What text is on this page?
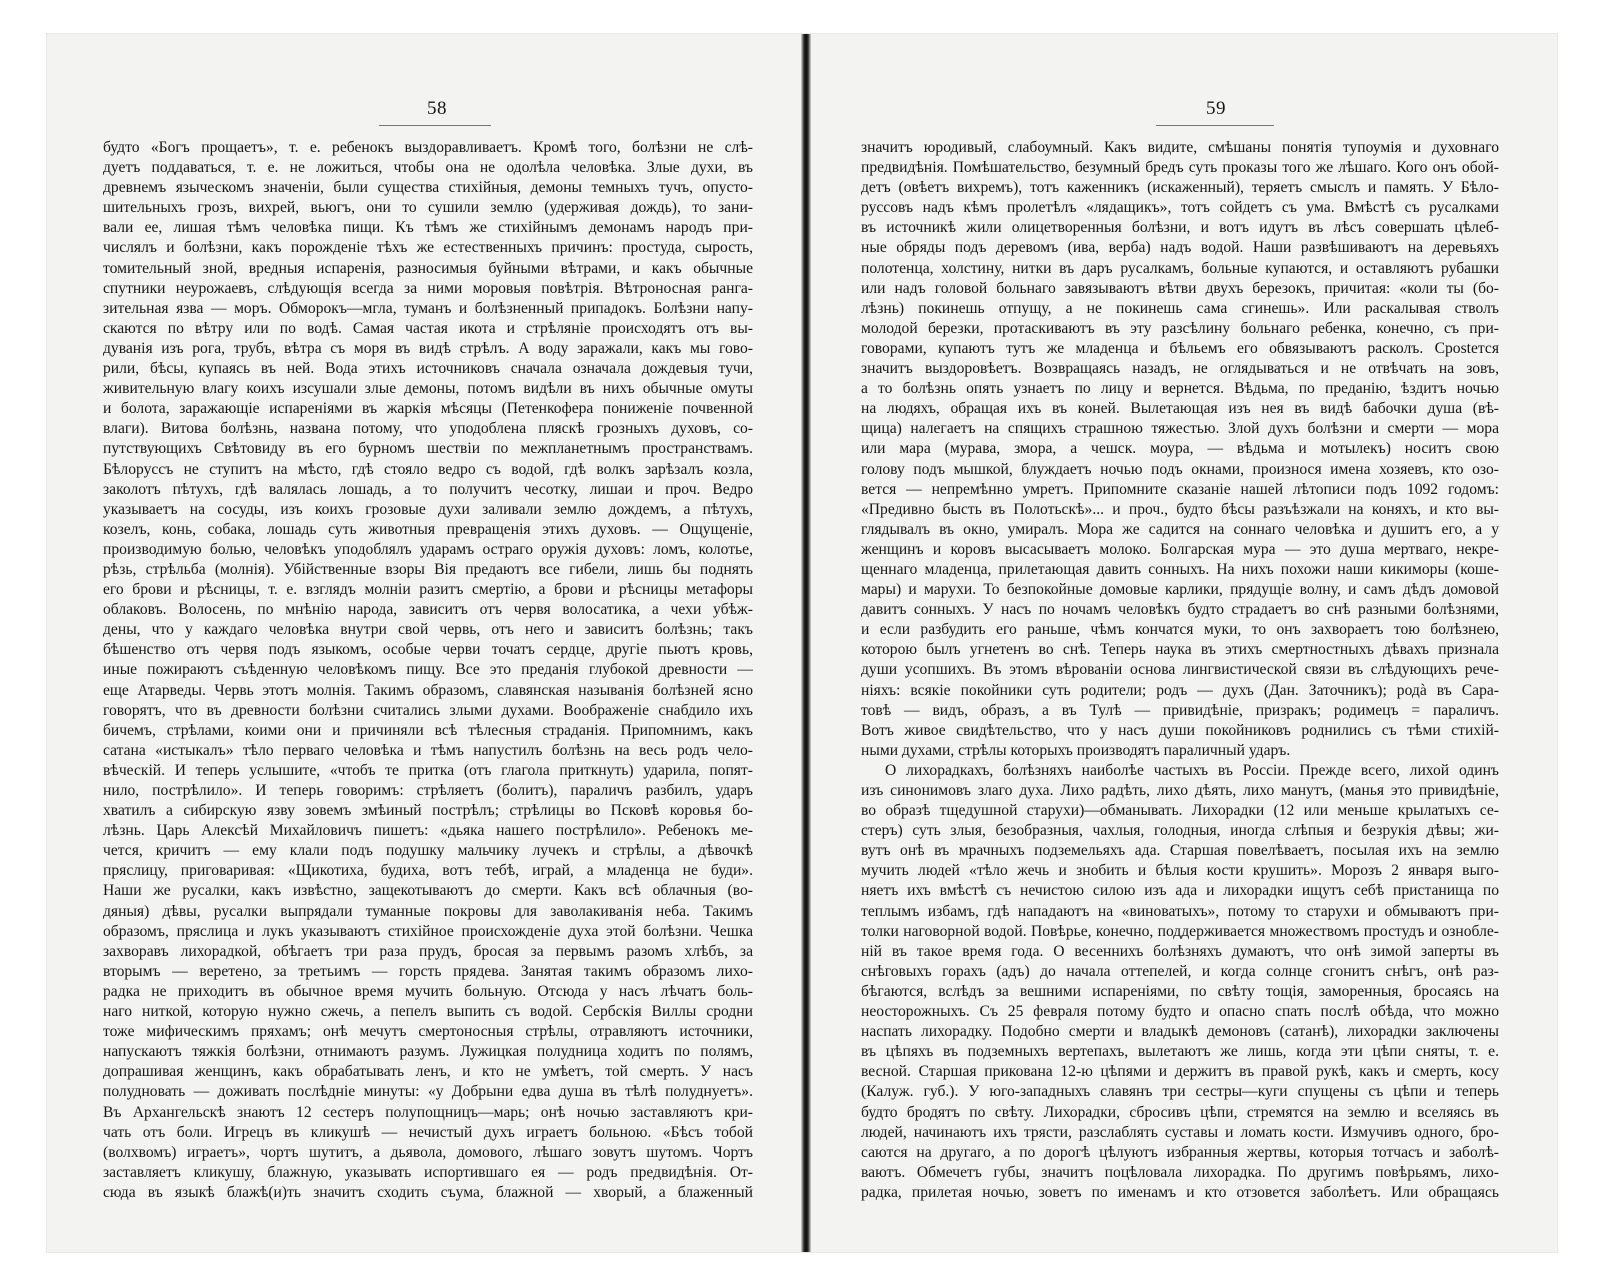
58
будто «Богъ прощаетъ», т. е. ребенокъ выздоравливаетъ. Кромѣ того, болѣзни не слѣ-
дуетъ поддаваться, т. е. не ложиться, чтобы она не одолѣла человѣка. Злые духи, въ
древнемъ языческомъ значеніи, были существа стихійныя, демоны темныхъ тучъ, опусто-
шительныхъ грозъ, вихрей, вьюгъ, они то сушили землю (удерживая дождь), то зани-
вали ее, лишая тѣмъ человѣка пищи. Къ тѣмъ же стихійнымъ демонамъ народъ при-
числялъ и болѣзни, какъ порожденіе тѣхъ же естественныхъ причинъ: простуда, сырость,
томительный зной, вредныя испаренія, разносимыя буйными вѣтрами, и какъ обычные
спутники неурожаевъ, слѣдующія всегда за ними моровыя повѣтрія. Вѣтроносная ранга-
зительная язва — моръ. Обморокъ—мгла, туманъ и болѣзненный припадокъ. Болѣзни напу-
скаются по вѣтру или по водѣ. Самая частая икота и стрѣляніе происходятъ отъ вы-
дуванія изъ рога, трубъ, вѣтра съ моря въ видѣ стрѣлъ. А воду заражали, какъ мы гово-
рили, бѣсы, купаясь въ ней. Вода этихъ источниковъ сначала означала дождевыя тучи,
живительную влагу коихъ изсушали злые демоны, потомъ видѣли въ нихъ обычные омуты
и болота, заражающіе испареніями въ жаркія мѣсяцы (Петенкофера пониженіе почвенной
влаги). Витова болѣзнь, названа потому, что уподоблена пляскѣ грозныхъ духовъ, со-
путствующихъ Свѣтовиду въ его бурномъ шествіи по межпланетнымъ пространствамъ.
Бѣлоруссъ не ступитъ на мѣсто, гдѣ стояло ведро съ водой, гдѣ волкъ зарѣзалъ козла,
заколотъ пѣтухъ, гдѣ валялась лошадь, а то получитъ чесотку, лишаи и проч. Ведро
указываетъ на сосуды, изъ коихъ грозовые духи заливали землю дождемъ, а пѣтухъ,
козелъ, конь, собака, лошадь суть животныя превращенія этихъ духовъ. — Ощущеніе,
производимую болью, человѣкъ уподоблялъ ударамъ остраго оружія духовъ: ломъ, колотье,
рѣзь, стрѣльба (молнія). Убійственные взоры Вія предаютъ все гибели, лишь бы поднять
его брови и рѣсницы, т. е. взглядъ молніи разитъ смертію, а брови и рѣсницы метафоры
облаковъ. Волосень, по мнѣнію народа, зависитъ отъ червя волосатика, а чехи убѣж-
дены, что у каждаго человѣка внутри свой червь, отъ него и зависитъ болѣзнь; такъ
бѣшенство отъ червя подъ языкомъ, особые черви точатъ сердце, другіе пьютъ кровь,
иные пожираютъ съѣденную человѣкомъ пищу. Все это преданія глубокой древности —
еще Атарведы. Червь этотъ молнія. Такимъ образомъ, славянская называнія болѣзней ясно
говорятъ, что въ древности болѣзни считались злыми духами. Воображеніе снабдило ихъ
бичемъ, стрѣлами, коими они и причиняли всѣ тѣлесныя страданія. Припомнимъ, какъ
сатана «истыкалъ» тѣло перваго человѣка и тѣмъ напустилъ болѣзнь на весь родъ чело-
вѣческій. И теперь услышите, «чтобъ те притка (отъ глагола приткнуть) ударила, попят-
нило, пострѣлило». И теперь говоримъ: стрѣляетъ (болитъ), параличъ разбилъ, ударъ
хватилъ а сибирскую язву зовемъ змѣиный пострѣлъ; стрѣлицы во Псковѣ коровья бо-
лѣзнь. Царь Алексѣй Михайловичъ пишетъ: «дьяка нашего пострѣлило». Ребенокъ ме-
чется, кричитъ — ему клали подъ подушку мальчику лучекъ и стрѣлы, а дѣвочкѣ
пряслицу, приговаривая: «Щикотиха, будиха, вотъ тебѣ, играй, а младенца не буди».
Наши же русалки, какъ извѣстно, защекотываютъ до смерти. Какъ всѣ облачныя (во-
дяныя) дѣвы, русалки выпрядали туманные покровы для заволакиванія неба. Такимъ
образомъ, пряслица и лукъ указываютъ стихійное происхожденіе духа этой болѣзни. Чешка
захворавъ лихорадкой, обѣгаетъ три раза прудъ, бросая за первымъ разомъ хлѣбъ, за
вторымъ — веретено, за третьимъ — горсть прядева. Занятая такимъ образомъ лихо-
радка не приходитъ въ обычное время мучить больную. Отсюда у насъ лѣчатъ боль-
наго ниткой, которую нужно сжечь, а пепелъ выпить съ водой. Сербскія Виллы сродни
тоже мифическимъ пряхамъ; онѣ мечутъ смертоносныя стрѣлы, отравляютъ источники,
напускаютъ тяжкія болѣзни, отнимаютъ разумъ. Лужицкая полудница ходитъ по полямъ,
допрашивая женщинъ, какъ обрабатывать ленъ, и кто не умѣетъ, той смерть. У насъ
полудновать — доживать послѣдніе минуты: «у Добрыни едва душа въ тѣлѣ полуднуетъ».
Въ Архангельскѣ знаютъ 12 сестеръ полупощницъ—марь; онѣ ночью заставляютъ кри-
чать отъ боли. Игрецъ въ кликушѣ — нечистый духъ играетъ больною. «Бѣсъ тобой
(волхвомъ) играетъ», чортъ шутитъ, а дьявола, домового, лѣшаго зовутъ шутомъ. Чортъ
заставляетъ кликушу, блажную, указывать испортившаго ея — родъ предвидѣнія. От-
сюда въ языкѣ блажѣ(и)ть значитъ сходить съума, блажной — хворый, а блаженный
59
значитъ юродивый, слабоумный. Какъ видите, смѣшаны понятія тупоумія и духовнаго
предвидѣнія. Помѣшательство, безумный бредъ суть проказы того же лѣшаго. Кого онъ обой-
детъ (овѣетъ вихремъ), тотъ каженникъ (искаженный), теряетъ смыслъ и память. У Бѣло-
руссовъ надъ кѣмъ пролетѣлъ «лядащикъ», тотъ сойдетъ съ ума. Вмѣстѣ съ русалками
въ источникѣ жили олицетворенныя болѣзни, и вотъ идутъ въ лѣсъ совершать цѣлеб-
ные обряды подъ деревомъ (ива, верба) надъ водой. Наши развѣшиваютъ на деревьяхъ
полотенца, холстину, нитки въ даръ русалкамъ, больные купаются, и оставляютъ рубашки
или надъ головой больнаго завязываютъ вѣтви двухъ березокъ, причитая: «коли ты (бо-
лѣзнь) покинешь отпущу, а не покинешь сама сгинешь». Или раскалывая стволъ
молодой березки, протаскиваютъ въ эту разсѣлину больнаго ребенка, конечно, съ при-
говорами, купаютъ тутъ же младенца и бѣльемъ его обвязываютъ расколъ. Срostется
значитъ выздоровѣетъ. Возвращаясь назадъ, не оглядываться и не отвѣчать на зовъ,
а то болѣзнь опять узнаетъ по лицу и вернется. Вѣдьма, по преданію, ѣздитъ ночью
на людяхъ, обращая ихъ въ коней. Вылетающая изъ нея въ видѣ бабочки душа (вѣ-
щица) налегаетъ на спящихъ страшною тяжестью. Злой духъ болѣзни и смерти — мора
или мара (мурава, змора, а чешск. моура, — вѣдьма и мотылекъ) носитъ свою
голову подъ мышкой, блуждаетъ ночью подъ окнами, произнося имена хозяевъ, кто озо-
вется — непремѣнно умретъ. Припомните сказаніе нашей лѣтописи подъ 1092 годомъ:
«Предивно бысть въ Полотьскѣ»... и проч., будто бѣсы разъѣзжали на коняхъ, и кто вы-
глядывалъ въ окно, умиралъ. Мора же садится на соннаго человѣка и душитъ его, а у
женщинъ и коровъ высасываетъ молоко. Болгарская мура — это душа мертваго, некре-
щеннаго младенца, прилетающая давить сонныхъ. На нихъ похожи наши кикиморы (коше-
мары) и марухи. То безпокойные домовые карлики, прядущіе волну, и самъ дѣдъ домовой
давитъ сонныхъ. У насъ по ночамъ человѣкъ будто страдаетъ во снѣ разными болѣзнями,
и если разбудить его раньше, чѣмъ кончатся муки, то онъ захвораетъ тою болѣзнею,
которою былъ угнетенъ во снѣ. Теперь наука въ этихъ смертностныхъ дѣвахъ признала
души усопшихъ. Въ этомъ вѣрованіи основа лингвистической связи въ слѣдующихъ рече-
ніяхъ: всякіе покойники суть родители; родъ — духъ (Дан. Заточникъ); родà въ Сара-
товѣ — видъ, образъ, а въ Тулѣ — привидѣніе, призракъ; родимецъ = параличъ.
Вотъ живое свидѣтельство, что у насъ души покойниковъ роднились съ тѣми стихій-
ными духами, стрѣлы которыхъ производятъ параличный ударъ.
О лихорадкахъ, болѣзняхъ наиболѣе частыхъ въ Россіи. Прежде всего, лихой одинъ
изъ синонимовъ злаго духа. Лихо радѣть, лихо дѣять, лихо манутъ, (манья это привидѣніе,
во образѣ тщедушной старухи)—обманывать. Лихорадки (12 или меньше крылатыхъ се-
стеръ) суть злыя, безобразныя, чахлыя, голодныя, иногда слѣпыя и безрукія дѣвы; жи-
вутъ онѣ въ мрачныхъ подземельяхъ ада. Старшая повелѣваетъ, посылая ихъ на землю
мучить людей «тѣло жечь и знобить и бѣлыя кости крушить». Морозъ 2 января выго-
няетъ ихъ вмѣстѣ съ нечистою силою изъ ада и лихорадки ищутъ себѣ пристанища по
теплымъ избамъ, гдѣ нападаютъ на «виноватыхъ», потому то старухи и обмываютъ при-
толки наговорной водой. Повѣрье, конечно, поддерживается множествомъ простудъ и ознобле-
ній въ такое время года. О весеннихъ болѣзняхъ думаютъ, что онѣ зимой заперты въ
снѣговыхъ горахъ (адъ) до начала оттепелей, и когда солнце сгонитъ снѣгъ, онѣ раз-
бѣгаются, вслѣдъ за вешними испареніями, по свѣту тощія, заморенныя, бросаясь на
неосторожныхъ. Съ 25 февраля потому будто и опасно спать послѣ обѣда, что можно
наспать лихорадку. Подобно смерти и владыкѣ демоновъ (сатанѣ), лихорадки заключены
въ цѣпяхъ въ подземныхъ вертепахъ, вылетаютъ же лишь, когда эти цѣпи сняты, т. е.
весной. Старшая прикована 12-ю цѣпями и держитъ въ правой рукѣ, какъ и смерть, косу
(Калуж. губ.). У юго-западныхъ славянъ три сестры—куги спущены съ цѣпи и теперь
будто бродятъ по свѣту. Лихорадки, сбросивъ цѣпи, стремятся на землю и вселяясь въ
людей, начинаютъ ихъ трясти, разслаблять суставы и ломать кости. Измучивъ одного, бро-
саются на другаго, а по дорогѣ цѣлуютъ избранныя жертвы, которыя тотчасъ и заболѣ-
ваютъ. Обмечетъ губы, значитъ поцѣловала лихорадка. По другимъ повѣрьямъ, лихо-
радка, прилетая ночью, зоветъ по именамъ и кто отзовется заболѣетъ. Или обращаясь
